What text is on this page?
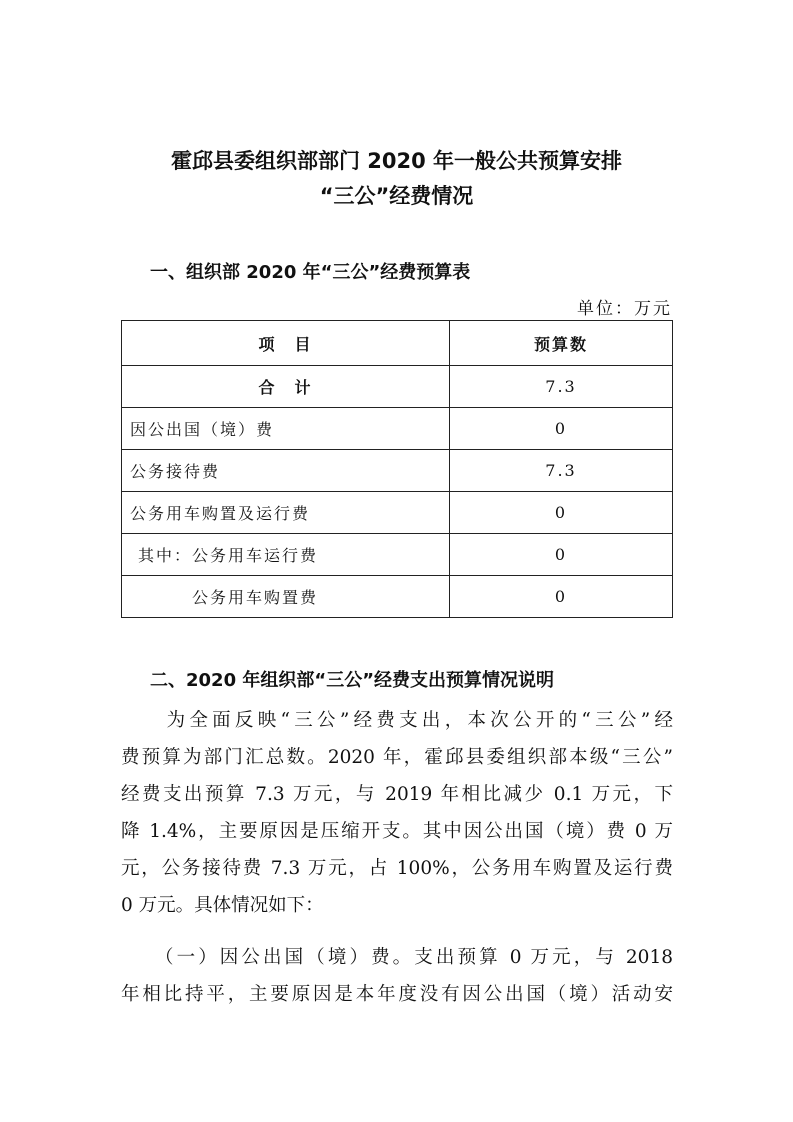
霍邱县委组织部部门 2020 年一般公共预算安排
“三公”经费情况
一、组织部 2020 年“三公”经费预算表
单位：万元
项　目	预算数
合　计	7.3
因公出国（境）费	0
公务接待费	7.3
公务用车购置及运行费	0
其中：公务用车运行费	0
公务用车购置费	0
二、2020 年组织部“三公”经费支出预算情况说明
　　为全面反映“三公”经费支出，本次公开的“三公”经
费预算为部门汇总数。2020 年，霍邱县委组织部本级“三公”
经费支出预算 7.3 万元，与 2019 年相比减少 0.1 万元，下
降 1.4%，主要原因是压缩开支。其中因公出国（境）费 0 万
元，公务接待费 7.3 万元，占 100%，公务用车购置及运行费
0 万元。具体情况如下：
　　（一）因公出国（境）费。支出预算 0 万元，与 2018
年相比持平，主要原因是本年度没有因公出国（境）活动安
